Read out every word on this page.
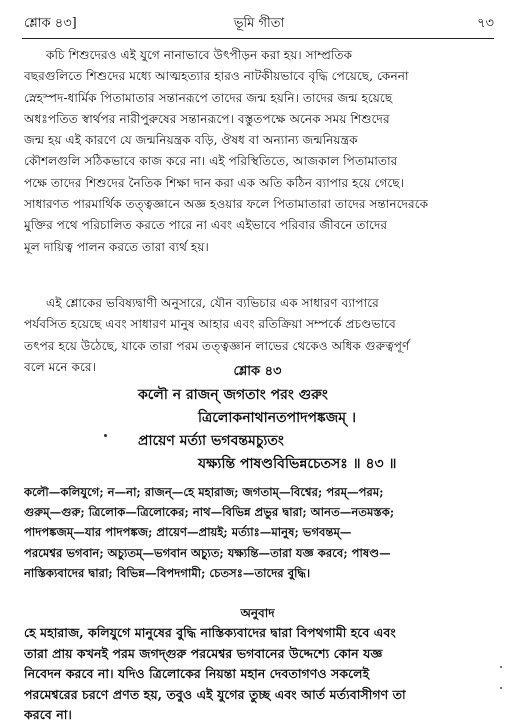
শ্লোক ৪৩]	ভূমি গীতা	৭৩
কচি শিশুদেরও এই যুগে নানাভাবে উৎপীড়ন করা হয়। সাম্প্রতিক
বছরগুলিতে শিশুদের মধ্যে আত্মহত্যার হারও নাটকীয়ভাবে বৃদ্ধি পেয়েছে, কেননা
স্নেহস্পদ-ধার্মিক পিতামাতার সন্তানরূপে তাদের জন্ম হয়নি। তাদের জন্ম হয়েছে
অধঃপতিত স্বার্থপর নারীপুরুষের সন্তানরূপে। বস্তুতপক্ষে অনেক সময় শিশুদের
জন্ম হয় এই কারণে যে জন্মনিয়ন্ত্রক বড়ি, ঔষধ বা অন্যান্য জন্মনিয়ন্ত্রক
কৌশলগুলি সঠিকভাবে কাজ করে না। এই পরিস্থিতিতে, আজকাল পিতামাতার
পক্ষে তাদের শিশুদের নৈতিক শিক্ষা দান করা এক অতি কঠিন ব্যাপার হয়ে গেছে।
সাধারণত পারমার্থিক তত্ত্বজ্ঞানে অজ্ঞ হওয়ার ফলে পিতামাতারা তাদের সন্তানদেরকে
মুক্তির পথে পরিচালিত করতে পারে না এবং এইভাবে পরিবার জীবনে তাদের
মূল দায়িত্ব পালন করতে তারা ব্যর্থ হয়।
এই শ্লোকের ভবিষ্যদ্বাণী অনুসারে, যৌন ব্যভিচার এক সাধারণ ব্যাপারে
পর্যবসিত হয়েছে এবং সাধারণ মানুষ আহার এবং রতিক্রিয়া সম্পর্কে প্রচণ্ডভাবে
তৎপর হয়ে উঠেছে, যাকে তারা পরম তত্ত্বজ্ঞান লাভের থেকেও অধিক গুরুত্বপূর্ণ
বলে মনে করে।	শ্লোক ৪৩
কলৌ ন রাজন্ জগতাং পরং গুরুং
ত্রিলোকনাথানতপাদপঙ্কজম্ ।
প্রায়েণ মর্ত্যা ভগবন্তমচ্যুতং
যক্ষ্যন্তি পাষণ্ডবিভিন্নচেতসঃ ॥ ৪৩ ॥
কলৌ—কলিযুগে; ন—না; রাজন্—হে মহারাজ; জগতাম্—বিশ্বের; পরম্—পরম;
গুরুম্—গুরু; ত্রিলোক—ত্রিলোকের; নাথ—বিভিন্ন প্রভুর দ্বারা; আনত—নতমস্তক;
পাদপঙ্কজম্—যার পাদপঙ্কজ; প্রায়েণ—প্রায়ই; মর্ত্যাঃ—মানুষ; ভগবন্তম্—
পরমেশ্বর ভগবান; অচ্যুতম্—ভগবান অচ্যুত; যক্ষ্যন্তি—তারা যজ্ঞ করবে; পাষণ্ড—
নাস্তিক্যবাদের দ্বারা; বিভিন্ন—বিপদগামী; চেতসঃ—তাদের বুদ্ধি।
অনুবাদ
হে মহারাজ, কলিযুগে মানুষের বুদ্ধি নাস্তিক্যবাদের দ্বারা বিপথগামী হবে এবং
তারা প্রায় কখনই পরম জগদ্গুরু পরমেশ্বর ভগবানের উদ্দেশ্যে কোন যজ্ঞ
নিবেদন করবে না। যদিও ত্রিলোকের নিয়ন্তা মহান দেবতাগণও সকলেই
পরমেশ্বরের চরণে প্রণত হয়, তবুও এই যুগের তুচ্ছ এবং আর্ত মর্ত্যবাসীগণ তা
করবে না।
